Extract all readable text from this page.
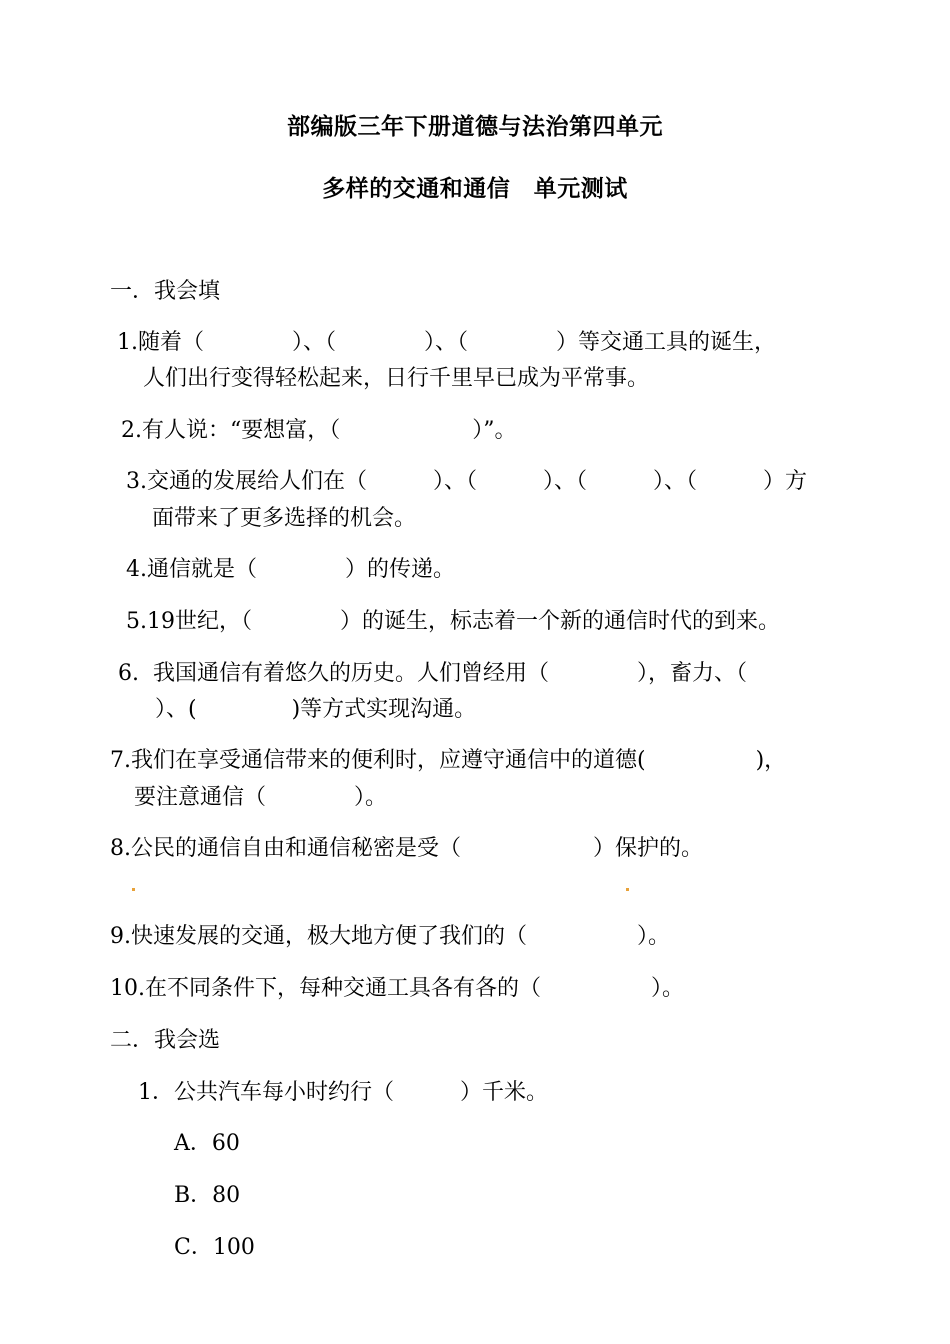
部编版三年下册道德与法治第四单元
多样的交通和通信　单元测试
一．我会填
1.随着（　　　　）、（　　　　）、（　　　　）等交通工具的诞生，
人们出行变得轻松起来，日行千里早已成为平常事。
2.有人说：“要想富，（　　　　　　）”。
3.交通的发展给人们在（　　　）、（　　　）、（　　　）、（　　　）方
面带来了更多选择的机会。
4.通信就是（　　　　）的传递。
5.19世纪，（　　　　）的诞生，标志着一个新的通信时代的到来。
6.  我国通信有着悠久的历史。人们曾经用（　　　　），畜力、（
）、(　　　　 )等方式实现沟通。
7.我们在享受通信带来的便利时，应遵守通信中的道德(　　　　　)，
要注意通信（　　　　）。
8.公民的通信自由和通信秘密是受（　　　　　　）保护的。
9.快速发展的交通，极大地方便了我们的（　　　　　）。
10.在不同条件下，每种交通工具各有各的（　　　　　）。
二．我会选
1．公共汽车每小时约行（　　　）千米。
A．60
B．80
C．100
